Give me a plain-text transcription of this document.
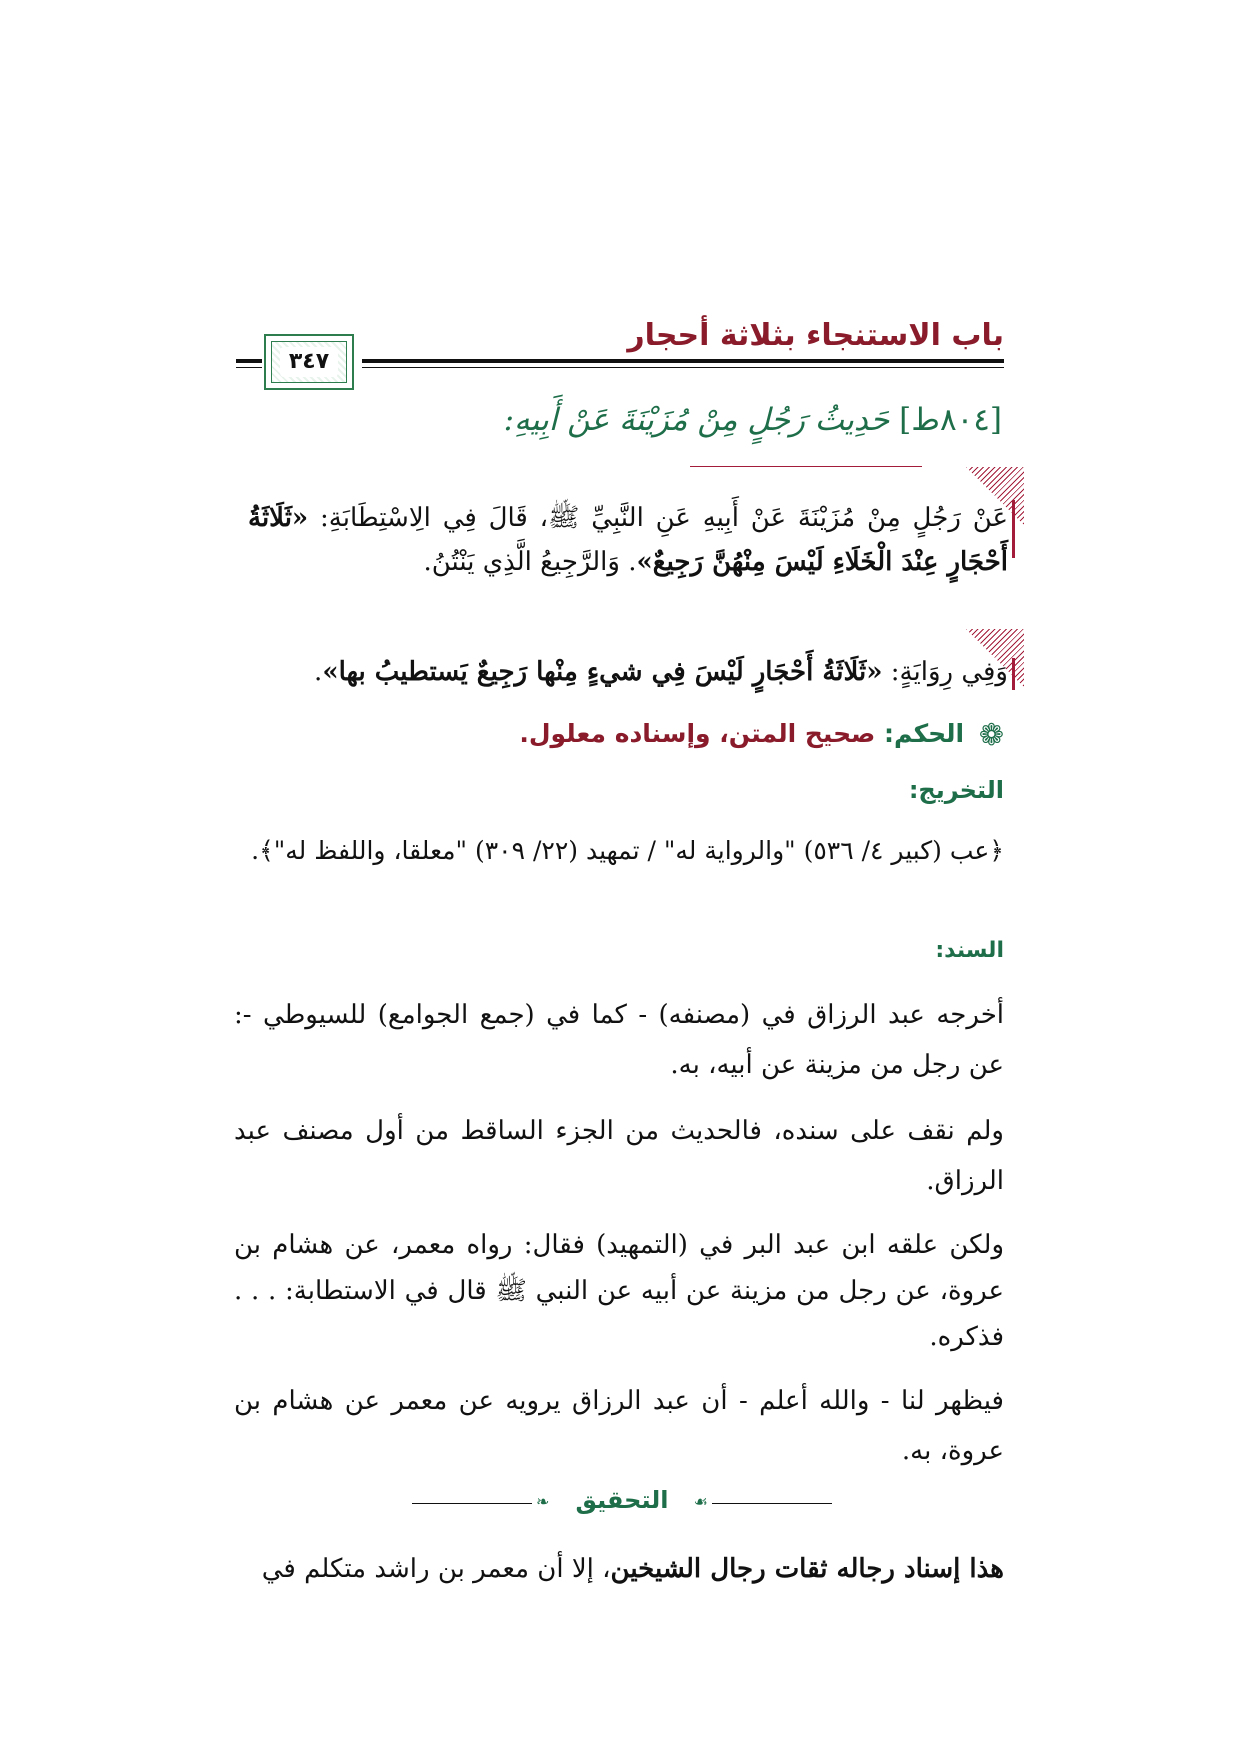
باب الاستنجاء بثلاثة أحجار
٣٤٧
[٨٠٤ط] حَدِيثُ رَجُلٍ مِنْ مُزَيْنَةَ عَنْ أَبِيهِ:
عَنْ رَجُلٍ مِنْ مُزَيْنَةَ عَنْ أَبِيهِ عَنِ النَّبِيِّ ﷺ، قَالَ فِي الِاسْتِطَابَةِ: «ثَلَاثَةُ أَحْجَارٍ عِنْدَ الْخَلَاءِ لَيْسَ مِنْهُنَّ رَجِيعٌ». وَالرَّجِيعُ الَّذِي يَنْتُنُ.
وَفِي رِوَايَةٍ: «ثَلَاثَةُ أَحْجَارٍ لَيْسَ فِي شيءٍ مِنْها رَجِيعٌ يَستطيبُ بها».
❁ الحكم: صحيح المتن، وإسناده معلول.
التخريج:
﴿عب (كبير ٤/ ٥٣٦) "والرواية له" / تمهيد (٢٢/ ٣٠٩) "معلقا، واللفظ له"﴾.
السند:
أخرجه عبد الرزاق في (مصنفه) - كما في (جمع الجوامع) للسيوطي -: عن رجل من مزينة عن أبيه، به.
ولم نقف على سنده، فالحديث من الجزء الساقط من أول مصنف عبد الرزاق.
ولكن علقه ابن عبد البر في (التمهيد) فقال: رواه معمر، عن هشام بن عروة، عن رجل من مزينة عن أبيه عن النبي ﷺ قال في الاستطابة: . . . فذكره.
فيظهر لنا - والله أعلم - أن عبد الرزاق يرويه عن معمر عن هشام بن عروة، به.
❧	التحقيق	☙
هذا إسناد رجاله ثقات رجال الشيخين، إلا أن معمر بن راشد متكلم في
